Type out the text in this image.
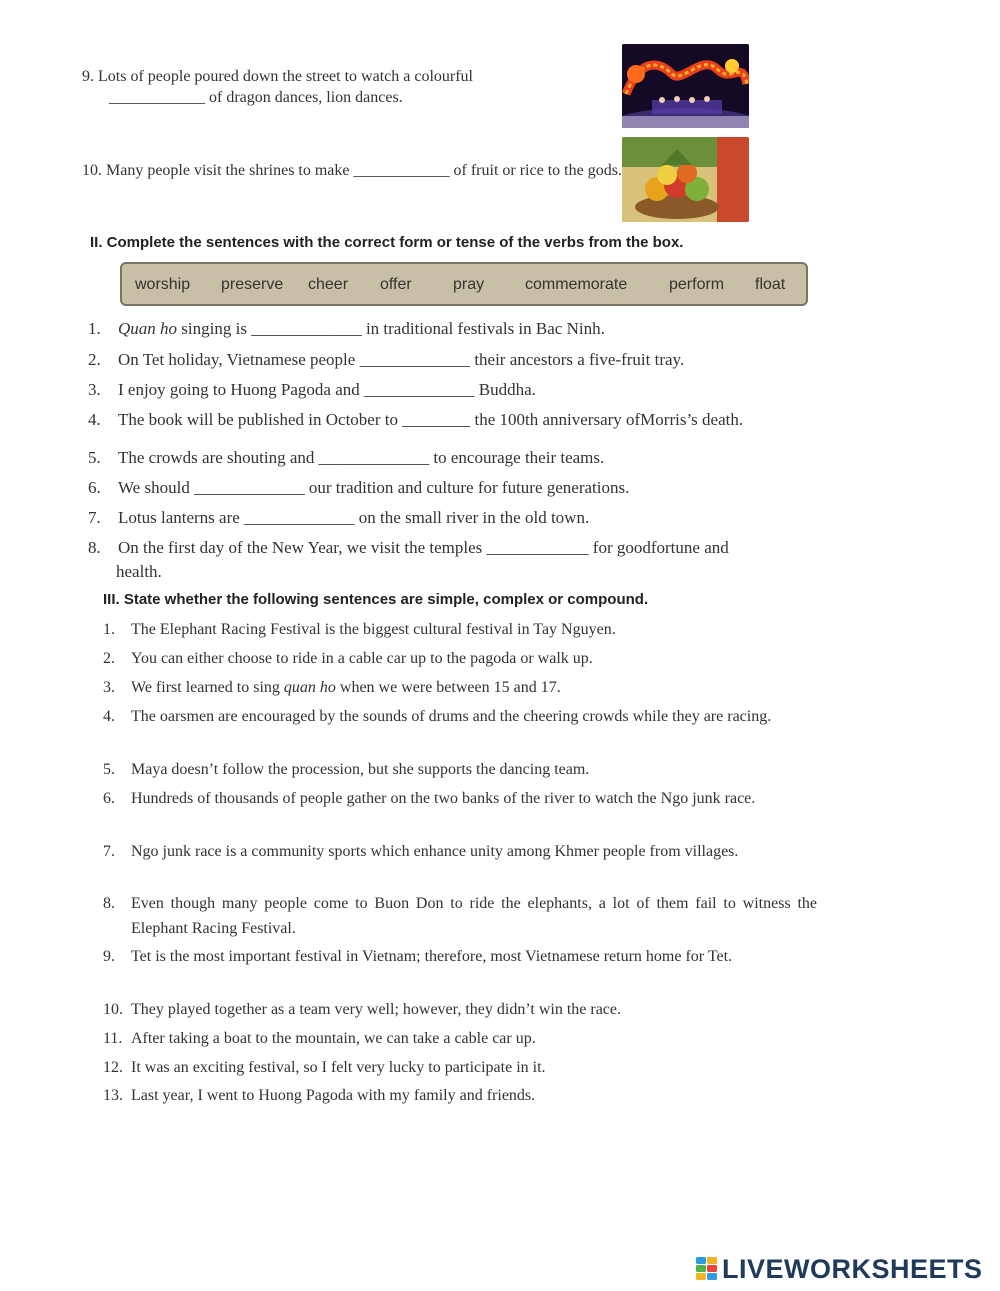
9. Lots of people poured down the street to watch a colourful
____________ of dragon dances, lion dances.
10. Many people visit the shrines to make ____________ of fruit or rice to the gods.
II. Complete the sentences with the correct form or tense of the verbs from the box.
worship preserve cheer offer	pray	commemorate	perform float
1. Quan ho singing is _____________ in traditional festivals in Bac Ninh.
2. On Tet holiday, Vietnamese people _____________ their ancestors a five-fruit tray.
3. I enjoy going to Huong Pagoda and _____________ Buddha.
4. The book will be published in October to ________ the 100th anniversary ofMorris’s death.
5. The crowds are shouting and _____________ to encourage their teams.
6. We should _____________ our tradition and culture for future generations.
7. Lotus lanterns are _____________ on the small river in the old town.
8. On the first day of the New Year, we visit the temples ____________ for goodfortune and
health.
III. State whether the following sentences are simple, complex or compound.
1.	The Elephant Racing Festival is the biggest cultural festival in Tay Nguyen.
2.	You can either choose to ride in a cable car up to the pagoda or walk up.
3.	We first learned to sing quan ho when we were between 15 and 17.
4.	The oarsmen are encouraged by the sounds of drums and the cheering crowds while they are racing.
5.	Maya doesn’t follow the procession, but she supports the dancing team.
6.	Hundreds of thousands of people gather on the two banks of the river to watch the Ngo junk race.
7.	Ngo junk race is a community sports which enhance unity among Khmer people from villages.
8.	Even though many people come to Buon Don to ride the elephants, a lot of them fail to witness the Elephant Racing Festival.
9.	Tet is the most important festival in Vietnam; therefore, most Vietnamese return home for Tet.
10. They played together as a team very well; however, they didn’t win the race.
11. After taking a boat to the mountain, we can take a cable car up.
12. It was an exciting festival, so I felt very lucky to participate in it.
13. Last year, I went to Huong Pagoda with my family and friends.
LIVEWORKSHEETS
